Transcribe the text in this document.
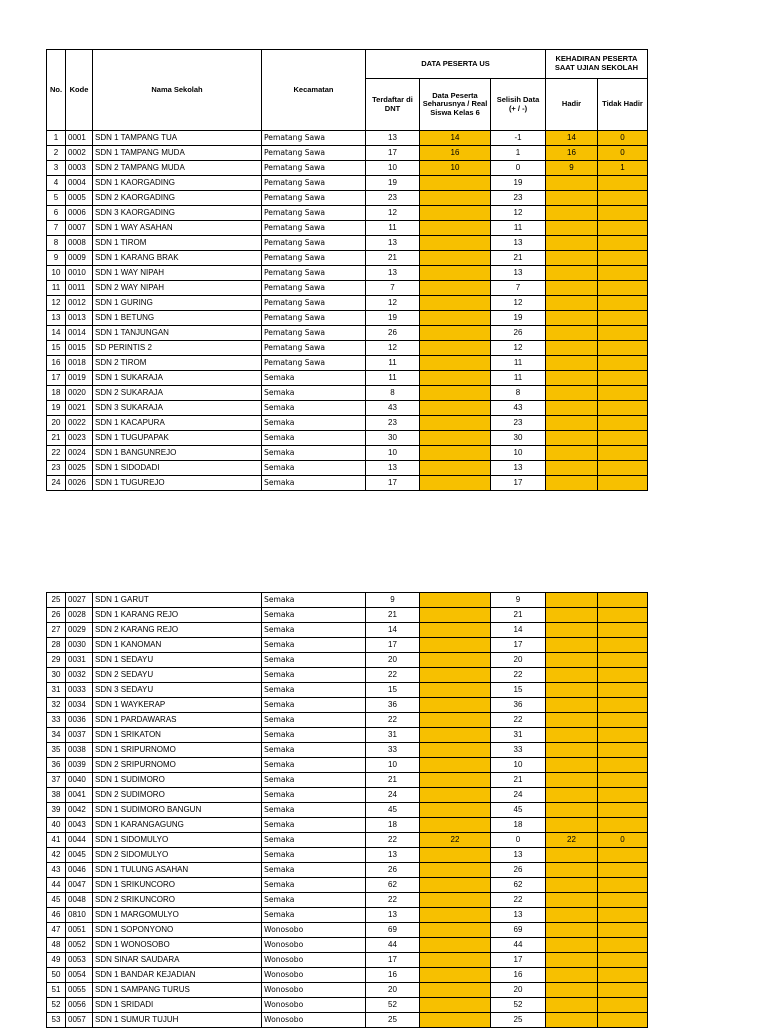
No.	Kode	Nama Sekolah	Kecamatan	DATA PESERTA US			KEHADIRAN PESERTA SAAT UJIAN SEKOLAH	
				Terdaftar di DNT	Data Peserta Seharusnya / Real Siswa Kelas 6	Selisih Data (+ / -)	Hadir	Tidak Hadir
1	0001	SDN 1 TAMPANG TUA	Pematang Sawa	13	14	-1	14	0
2	0002	SDN 1 TAMPANG MUDA	Pematang Sawa	17	16	1	16	0
3	0003	SDN 2 TAMPANG MUDA	Pematang Sawa	10	10	0	9	1
4	0004	SDN 1 KAORGADING	Pematang Sawa	19		19		
5	0005	SDN 2 KAORGADING	Pematang Sawa	23		23		
6	0006	SDN 3 KAORGADING	Pematang Sawa	12		12		
7	0007	SDN 1 WAY ASAHAN	Pematang Sawa	11		11		
8	0008	SDN 1 TIROM	Pematang Sawa	13		13		
9	0009	SDN 1 KARANG BRAK	Pematang Sawa	21		21		
10	0010	SDN 1 WAY NIPAH	Pematang Sawa	13		13		
11	0011	SDN 2 WAY NIPAH	Pematang Sawa	7		7		
12	0012	SDN 1 GURING	Pematang Sawa	12		12		
13	0013	SDN 1 BETUNG	Pematang Sawa	19		19		
14	0014	SDN 1 TANJUNGAN	Pematang Sawa	26		26		
15	0015	SD PERINTIS 2	Pematang Sawa	12		12		
16	0018	SDN 2 TIROM	Pematang Sawa	11		11		
17	0019	SDN 1 SUKARAJA	Semaka	11		11		
18	0020	SDN 2 SUKARAJA	Semaka	8		8		
19	0021	SDN 3 SUKARAJA	Semaka	43		43		
20	0022	SDN 1 KACAPURA	Semaka	23		23		
21	0023	SDN 1 TUGUPAPAK	Semaka	30		30		
22	0024	SDN 1 BANGUNREJO	Semaka	10		10		
23	0025	SDN 1 SIDODADI	Semaka	13		13		
24	0026	SDN 1 TUGUREJO	Semaka	17		17		
25	0027	SDN 1 GARUT	Semaka	9		9		
26	0028	SDN 1 KARANG REJO	Semaka	21		21		
27	0029	SDN 2 KARANG REJO	Semaka	14		14		
28	0030	SDN 1 KANOMAN	Semaka	17		17		
29	0031	SDN 1 SEDAYU	Semaka	20		20		
30	0032	SDN 2 SEDAYU	Semaka	22		22		
31	0033	SDN 3 SEDAYU	Semaka	15		15		
32	0034	SDN 1 WAYKERAP	Semaka	36		36		
33	0036	SDN 1 PARDAWARAS	Semaka	22		22		
34	0037	SDN 1 SRIKATON	Semaka	31		31		
35	0038	SDN 1 SRIPURNOMO	Semaka	33		33		
36	0039	SDN 2 SRIPURNOMO	Semaka	10		10		
37	0040	SDN 1 SUDIMORO	Semaka	21		21		
38	0041	SDN 2 SUDIMORO	Semaka	24		24		
39	0042	SDN 1 SUDIMORO BANGUN	Semaka	45		45		
40	0043	SDN 1 KARANGAGUNG	Semaka	18		18		
41	0044	SDN 1 SIDOMULYO	Semaka	22	22	0	22	0
42	0045	SDN 2 SIDOMULYO	Semaka	13		13		
43	0046	SDN 1 TULUNG ASAHAN	Semaka	26		26		
44	0047	SDN 1 SRIKUNCORO	Semaka	62		62		
45	0048	SDN 2 SRIKUNCORO	Semaka	22		22		
46	0810	SDN 1 MARGOMULYO	Semaka	13		13		
47	0051	SDN 1 SOPONYONO	Wonosobo	69		69		
48	0052	SDN 1 WONOSOBO	Wonosobo	44		44		
49	0053	SDN SINAR SAUDARA	Wonosobo	17		17		
50	0054	SDN 1 BANDAR KEJADIAN	Wonosobo	16		16		
51	0055	SDN 1 SAMPANG TURUS	Wonosobo	20		20		
52	0056	SDN 1 SRIDADI	Wonosobo	52		52		
53	0057	SDN 1 SUMUR TUJUH	Wonosobo	25		25		
